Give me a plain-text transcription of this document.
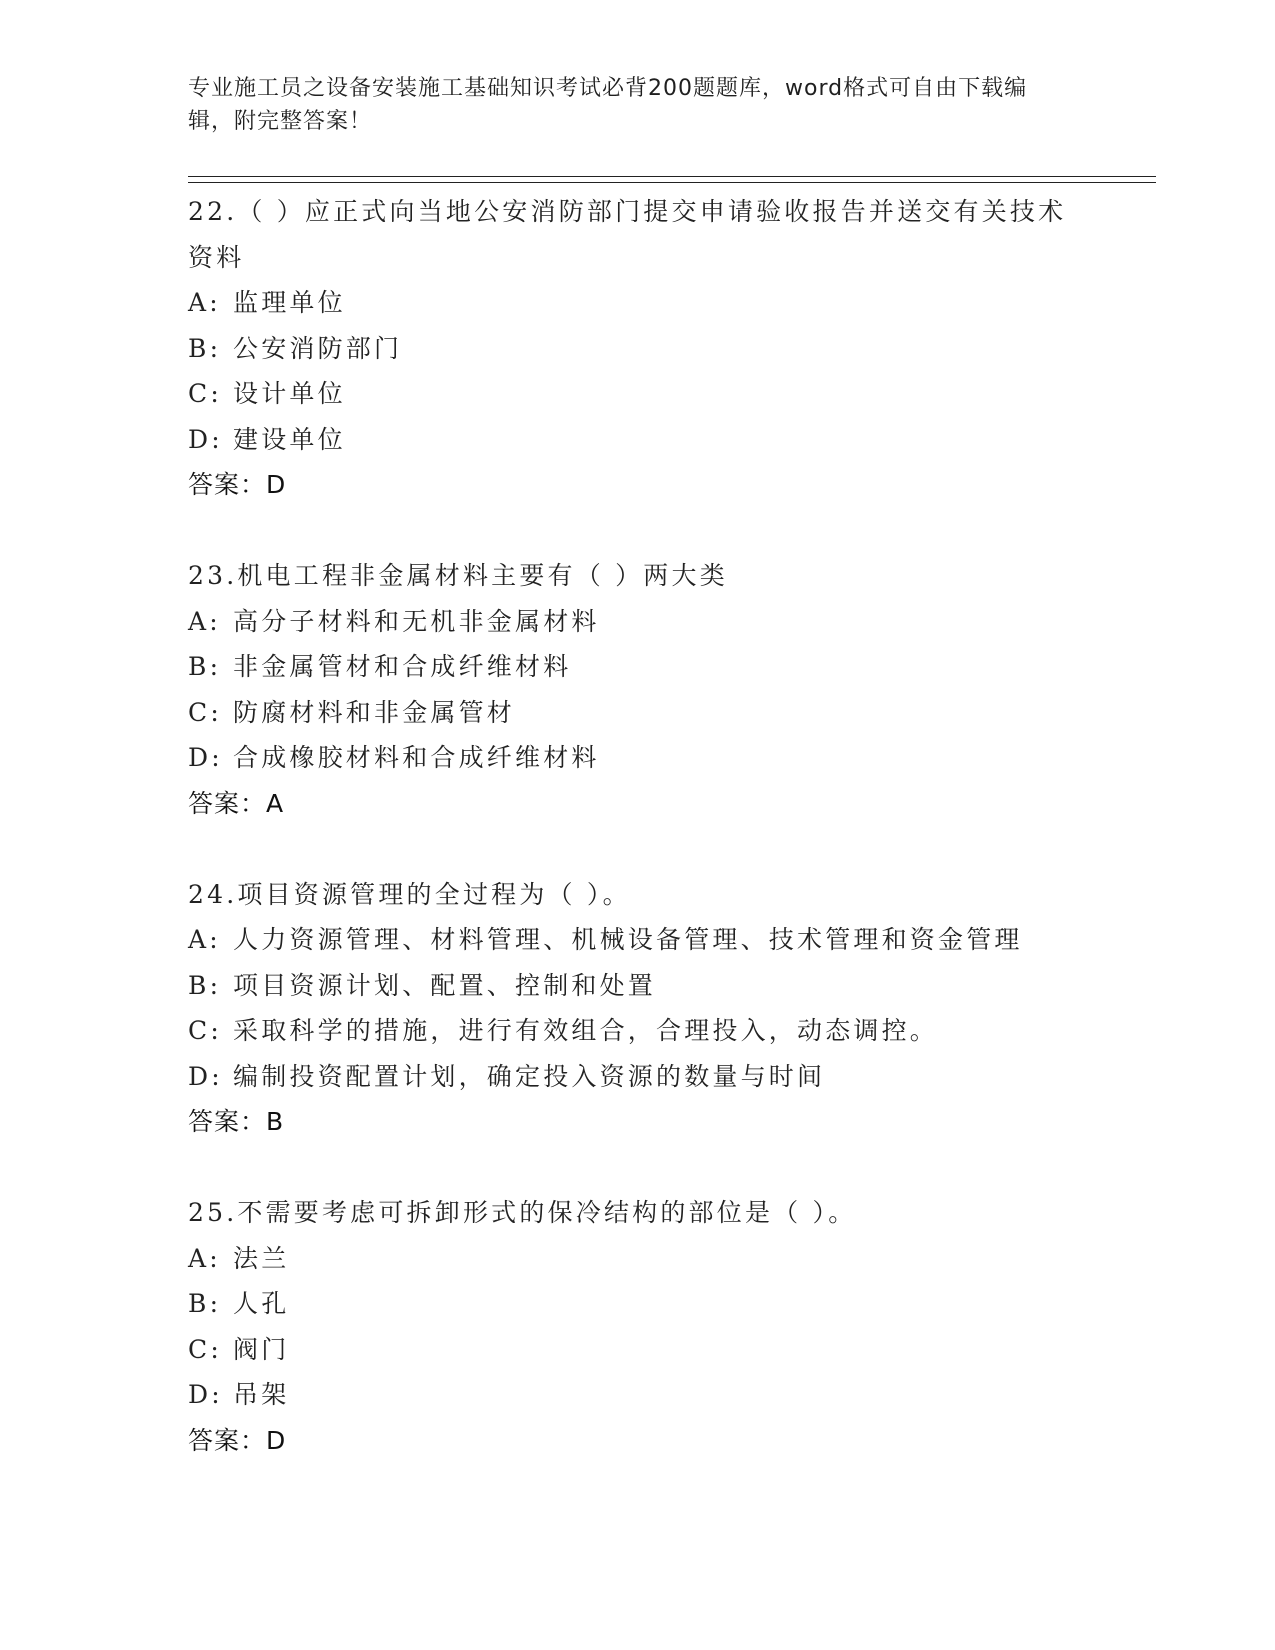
专业施工员之设备安装施工基础知识考试必背200题题库，word格式可自由下载编辑，附完整答案！
22.（ ）应正式向当地公安消防部门提交申请验收报告并送交有关技术资料
A: 监理单位
B: 公安消防部门
C: 设计单位
D: 建设单位
答案：D
23.机电工程非金属材料主要有（ ）两大类
A: 高分子材料和无机非金属材料
B: 非金属管材和合成纤维材料
C: 防腐材料和非金属管材
D: 合成橡胶材料和合成纤维材料
答案：A
24.项目资源管理的全过程为（ ）。
A: 人力资源管理、材料管理、机械设备管理、技术管理和资金管理
B: 项目资源计划、配置、控制和处置
C: 采取科学的措施，进行有效组合，合理投入，动态调控。
D: 编制投资配置计划，确定投入资源的数量与时间
答案：B
25.不需要考虑可拆卸形式的保冷结构的部位是（ ）。
A: 法兰
B: 人孔
C: 阀门
D: 吊架
答案：D
